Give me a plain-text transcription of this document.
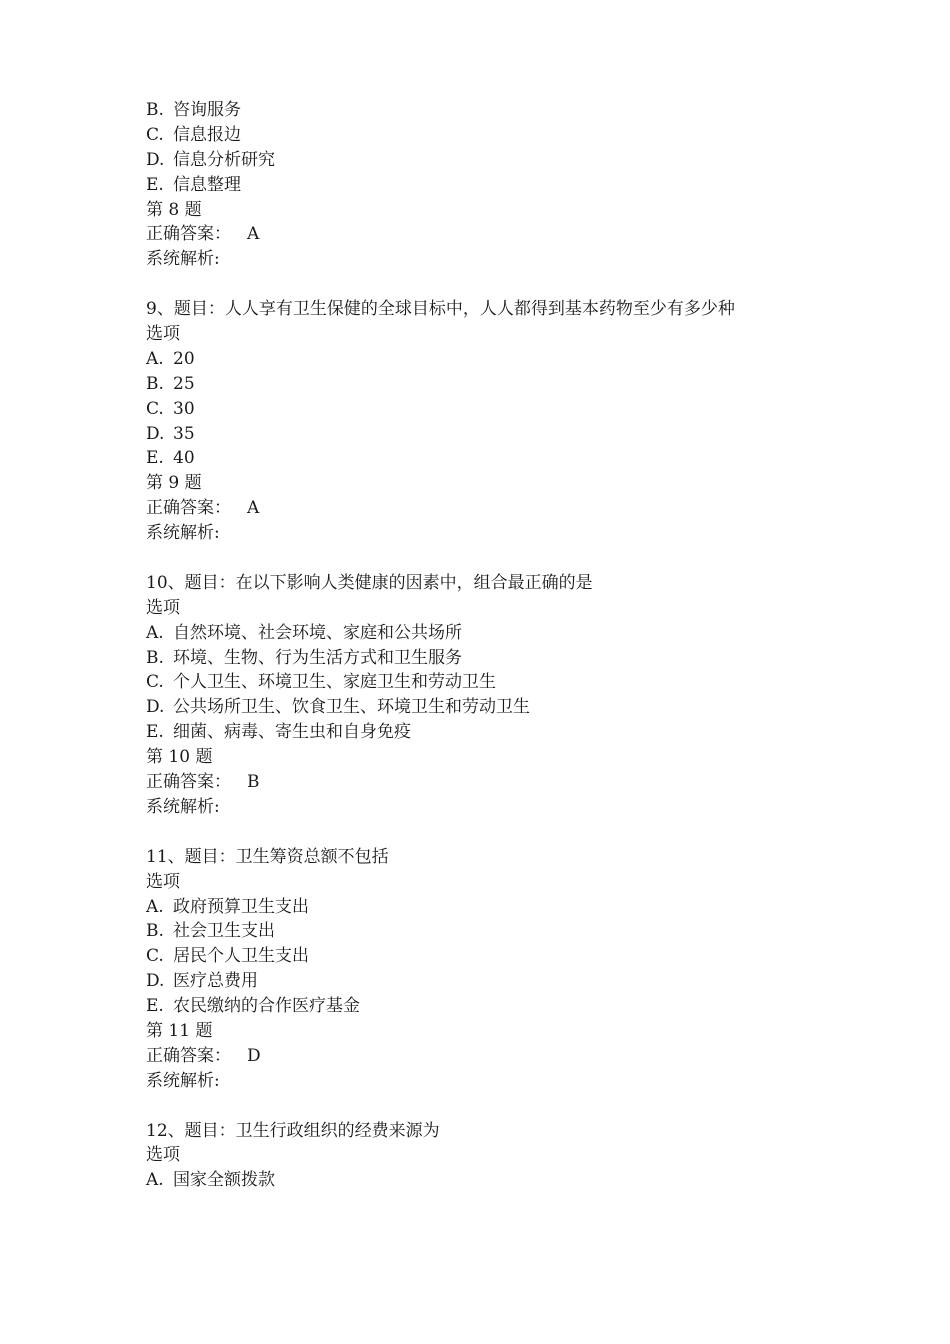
B. 咨询服务
C. 信息报边
D. 信息分析研究
E. 信息整理
第 8 题
正确答案： A
系统解析:
9、题目：人人享有卫生保健的全球目标中，人人都得到基本药物至少有多少种
选项
A. 20
B. 25
C. 30
D. 35
E. 40
第 9 题
正确答案： A
系统解析:
10、题目：在以下影响人类健康的因素中，组合最正确的是
选项
A. 自然环境、社会环境、家庭和公共场所
B. 环境、生物、行为生活方式和卫生服务
C. 个人卫生、环境卫生、家庭卫生和劳动卫生
D. 公共场所卫生、饮食卫生、环境卫生和劳动卫生
E. 细菌、病毒、寄生虫和自身免疫
第 10 题
正确答案： B
系统解析:
11、题目：卫生筹资总额不包括
选项
A. 政府预算卫生支出
B. 社会卫生支出
C. 居民个人卫生支出
D. 医疗总费用
E. 农民缴纳的合作医疗基金
第 11 题
正确答案： D
系统解析:
12、题目：卫生行政组织的经费来源为
选项
A. 国家全额拨款
